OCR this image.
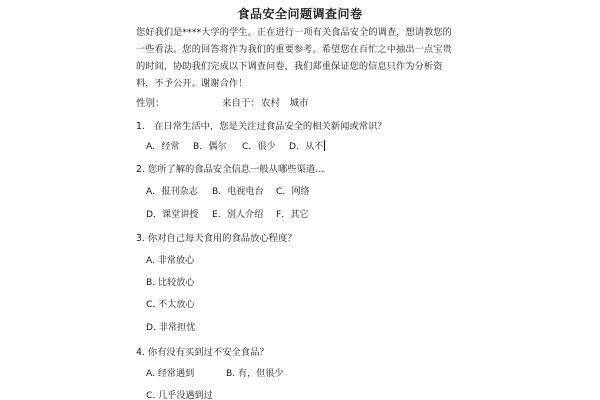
食品安全问题调查问卷
您好我们是****大学的学生。正在进行一项有关食品安全的调查，想请教您的一些看法。您的回答将作为我们的重要参考。希望您在百忙之中抽出一点宝贵的时间，协助我们完成以下调查问卷，我们郑重保证您的信息只作为分析资料，不予公开。谢谢合作！
性别：	来自于： 农村　城市
1.　在日常生活中，您是关注过食品安全的相关新闻或常识？
A．经常 B．偶尔 C．很少 D．从不
2. 您所了解的食品安全信息一般从哪些渠道…
A．报刊杂志 B．电视电台 C．网络
D．课堂讲授 E．别人介绍 F．其它
3. 你对自己每天食用的食品放心程度？
A. 非常放心
B. 比较放心
C. 不太放心
D. 非常担忧
4. 你有没有买到过不安全食品？
A. 经常遇到	B. 有，但很少
C. 几乎没遇到过
